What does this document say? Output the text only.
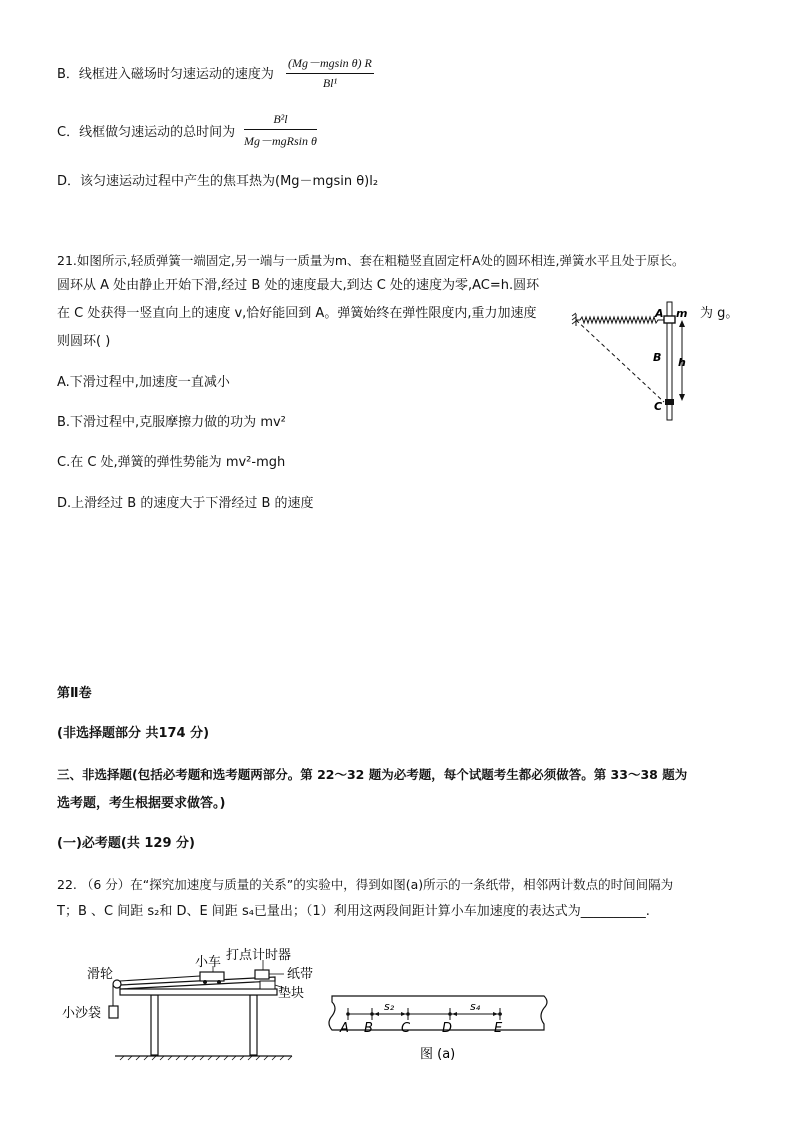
B．线框进入磁场时匀速运动的速度为 $\frac{\text{(Mg－mgsin θ) R}}{\text{Bl¹}}$
C．线框做匀速运动的总时间为
B²l
Mg－mgRsin θ
D．该匀速运动过程中产生的焦耳热为(Mg－mgsin θ)l₂
21.如图所示,轻质弹簧一端固定,另一端与一质量为m、套在粗糙竖直固定杆A处的圆环相连,弹簧水平且处于原长。
圆环从 A 处由静止开始下滑,经过 B 处的速度最大,到达 C 处的速度为零,AC=h.圆环
在 C 处获得一竖直向上的速度 v,恰好能回到 A。弹簧始终在弹性限度内,重力加速度	为 g。
则圆环( )
A m
B h
C
A.下滑过程中,加速度一直减小
B.下滑过程中,克服摩擦力做的功为 mv²
C.在 C 处,弹簧的弹性势能为 mv²-mgh
D.上滑经过 B 的速度大于下滑经过 B 的速度
第Ⅱ卷
(非选择题部分 共174 分)
三、非选择题(包括必考题和选考题两部分。第 22～32 题为必考题，每个试题考生都必须做答。第 33～38 题为
选考题，考生根据要求做答。)
(一)必考题(共 129 分)
22. （6 分）在“探究加速度与质量的关系”的实验中，得到如图(a)所示的一条纸带，相邻两计数点的时间间隔为
T；B 、C 间距 s₂和 D、E 间距 s₄已量出；（1）利用这两段间距计算小车加速度的表达式为__________.
滑轮
小车 打点计时器
纸带
垫块
小沙袋	s₂	s₄
A B C D	E
图 (a)
